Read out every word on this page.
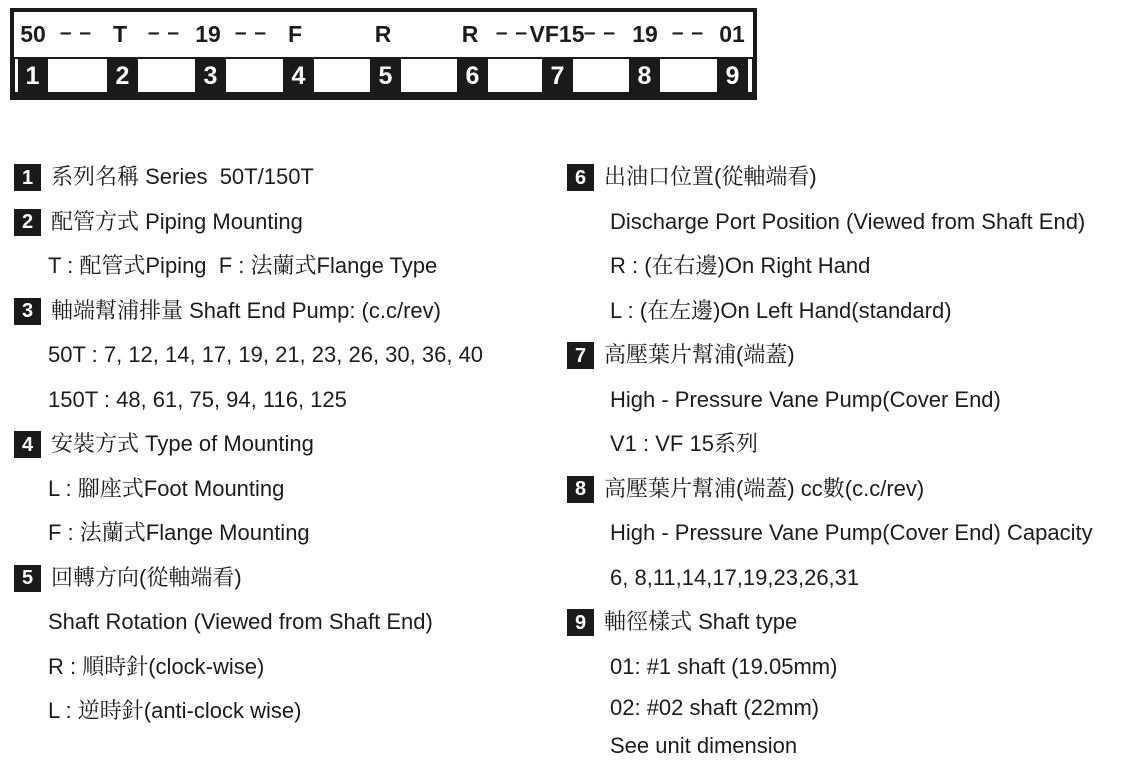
50 – – T – – 19 – – F	R	R – – VF15 – – 19 – – 01
1	2	3	4	5	6	7	8	9
1 系列名稱 Series  50T/150T
2 配管方式 Piping Mounting
T : 配管式Piping  F : 法蘭式Flange Type
3 軸端幫浦排量 Shaft End Pump: (c.c/rev)
50T : 7, 12, 14, 17, 19, 21, 23, 26, 30, 36, 40
150T : 48, 61, 75, 94, 116, 125
4 安裝方式 Type of Mounting
L : 腳座式Foot Mounting
F : 法蘭式Flange Mounting
5 回轉方向(從軸端看)
Shaft Rotation (Viewed from Shaft End)
R : 順時針(clock-wise)
L : 逆時針(anti-clock wise)
6 出油口位置(從軸端看)
Discharge Port Position (Viewed from Shaft End)
R : (在右邊)On Right Hand
L : (在左邊)On Left Hand(standard)
7 高壓葉片幫浦(端蓋)
High - Pressure Vane Pump(Cover End)
V1 : VF 15系列
8 高壓葉片幫浦(端蓋) cc數(c.c/rev)
High - Pressure Vane Pump(Cover End) Capacity
6, 8,11,14,17,19,23,26,31
9 軸徑樣式 Shaft type
01: #1 shaft (19.05mm)
02: #02 shaft (22mm)
See unit dimension
